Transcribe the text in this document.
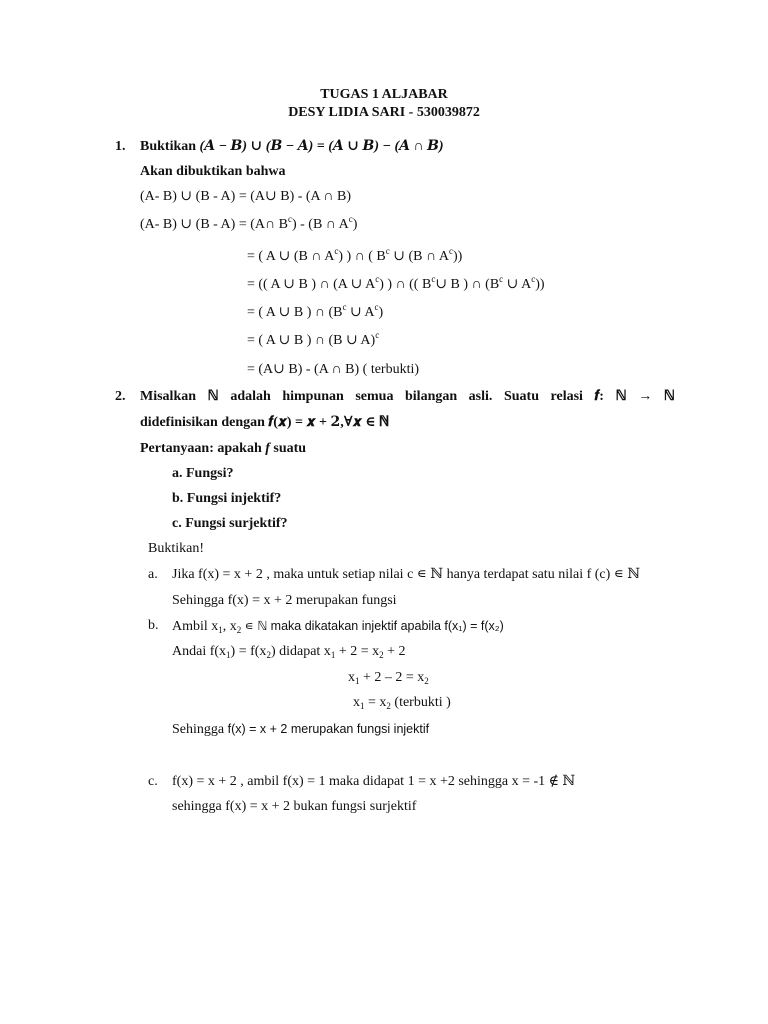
TUGAS 1 ALJABAR
DESY LIDIA SARI - 530039872
1. Buktikan (𝑨 − 𝑩) ∪ (𝑩 − 𝑨) = (𝑨 ∪ 𝑩) − (𝑨 ∩ 𝑩)
Akan dibuktikan bahwa
(A- B) ∪ (B - A) = (A∪ B) - (A ∩ B)
(A- B) ∪ (B - A) = (A∩ $B^c) - (B$ ∩ $A^c$)
= ( A ∪ (B ∩ $A^c$) ) ∩ ( $B^c$ ∪ (B ∩ $A^c$))
= (( A ∪ B ) ∩ (A ∪ $A^c$) ) ∩ (( $B^c\cup$ B ) ∩ ($B^c$ ∪ $A^c$))
= ( A ∪ B ) ∩ ($B^c$ ∪ $A^c$)
= ( A ∪ B ) ∩ (B ∪ A)$^c$
= (A∪ B) - (A ∩ B) ( terbukti)
2. Misalkan ℕ adalah himpunan semua bilangan asli. Suatu relasi 𝒇: ℕ → ℕ
didefinisikan dengan 𝒇(𝒙) = 𝒙 + 𝟐,∀𝒙 ∈ ℕ
Pertanyaan: apakah f suatu
a. Fungsi?
b. Fungsi injektif?
c. Fungsi surjektif?
Buktikan!
a. Jika f(x) = x + 2 , maka untuk setiap nilai c ∊ ℕ hanya terdapat satu nilai f (c) ∊ ℕ
Sehingga f(x) = x + 2 merupakan fungsi
b. Ambil $x_1$, $x_2$ ∊ ℕ maka dikatakan injektif apabila f(x₁) = f(x₂)
Andai $f(x_1) = f(x_2)$ didapat $x_1 + 2 = x_2 + 2$
$x_1 + 2 - 2 = x_2$
$x_1 = x_2$ (terbukti )
Sehingga f(x) = x + 2 merupakan fungsi injektif
c. f(x) = x + 2 , ambil f(x) = 1 maka didapat 1 = x +2 sehingga x = -1 ∉ ℕ
sehingga f(x) = x + 2 bukan fungsi surjektif
